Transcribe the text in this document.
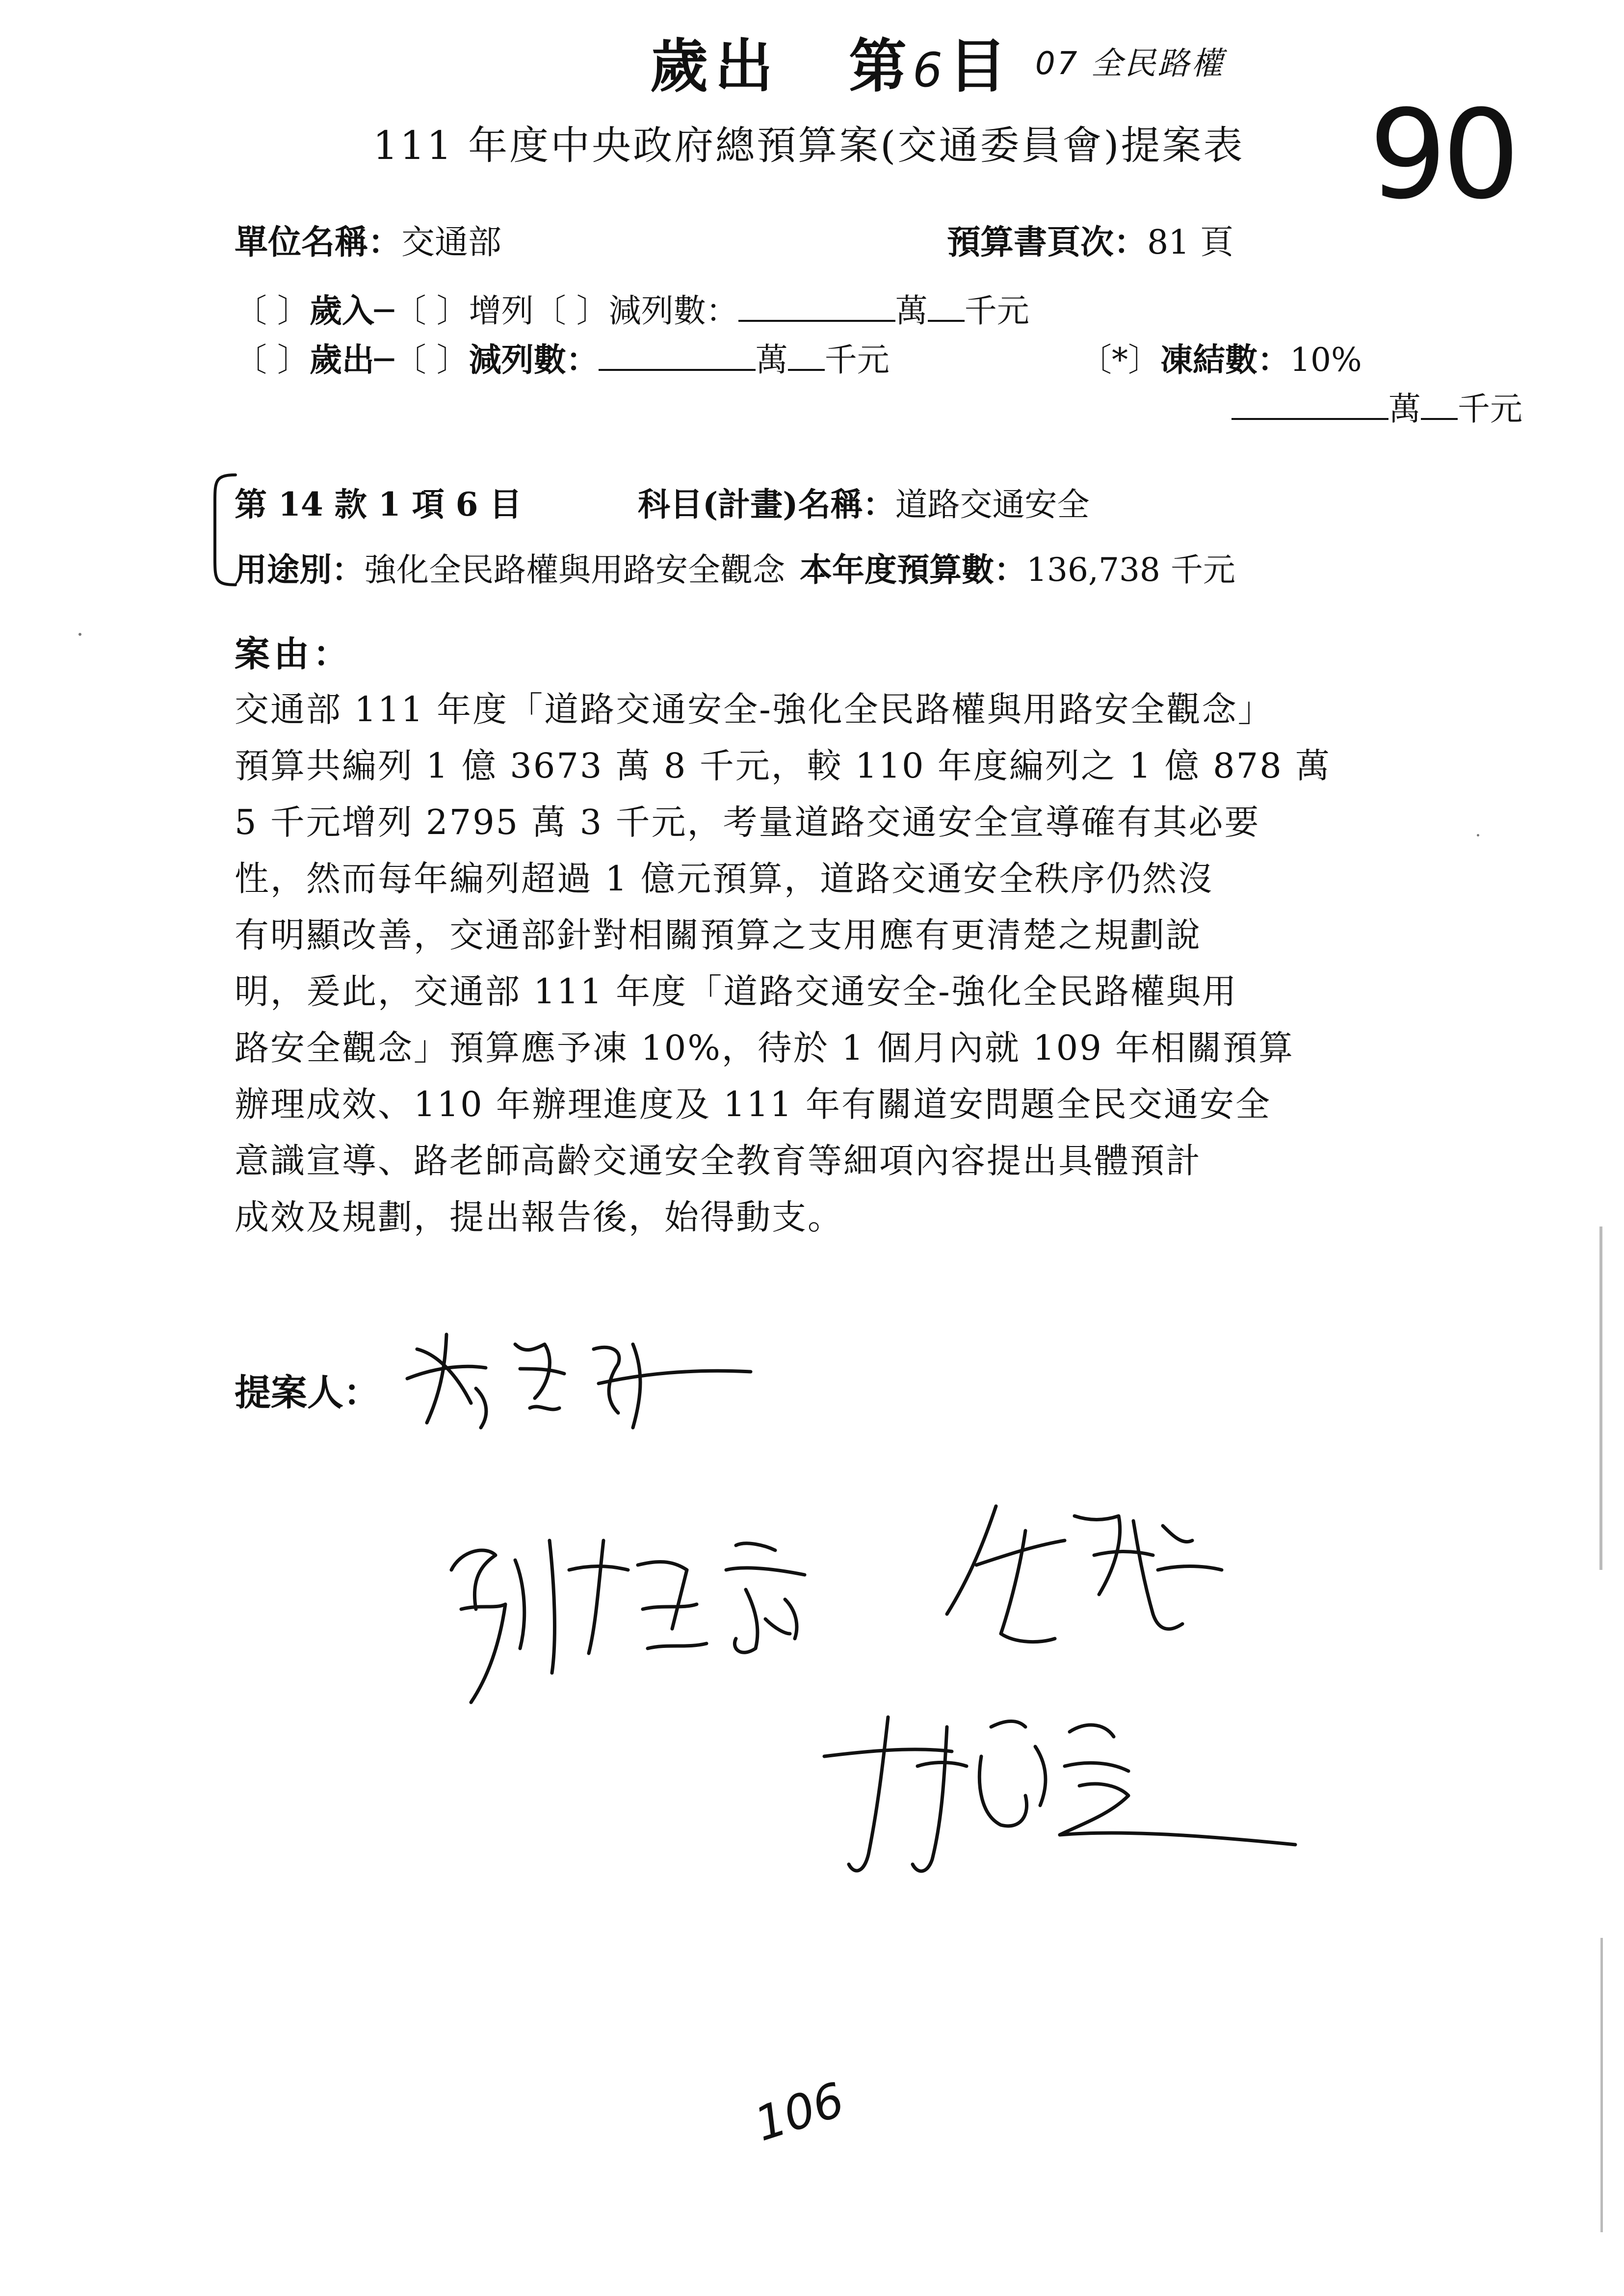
歲出 第 6 目 07 全民路權
111 年度中央政府總預算案(交通委員會)提案表 90
單位名稱：交通部	預算書頁次：81 頁
〔 〕歲入─〔 〕增列〔 〕減列數：	萬 千元
〔 〕歲出─〔 〕減列數：	萬 千元	〔*〕凍結數：10%
萬 千元
第 14 款 1 項 6 目	科目(計畫)名稱：道路交通安全
用途別：強化全民路權與用路安全觀念 本年度預算數：136,738 千元
案由：
交通部 111 年度「道路交通安全-強化全民路權與用路安全觀念」
預算共編列 1 億 3673 萬 8 千元，較 110 年度編列之 1 億 878 萬
5 千元增列 2795 萬 3 千元，考量道路交通安全宣導確有其必要
性，然而每年編列超過 1 億元預算，道路交通安全秩序仍然沒
有明顯改善，交通部針對相關預算之支用應有更清楚之規劃說
明，爰此，交通部 111 年度「道路交通安全-強化全民路權與用
路安全觀念」預算應予凍 10%，待於 1 個月內就 109 年相關預算
辦理成效、110 年辦理進度及 111 年有關道安問題全民交通安全
意識宣導、路老師高齡交通安全教育等細項內容提出具體預計
成效及規劃，提出報告後，始得動支。
提案人：
106
